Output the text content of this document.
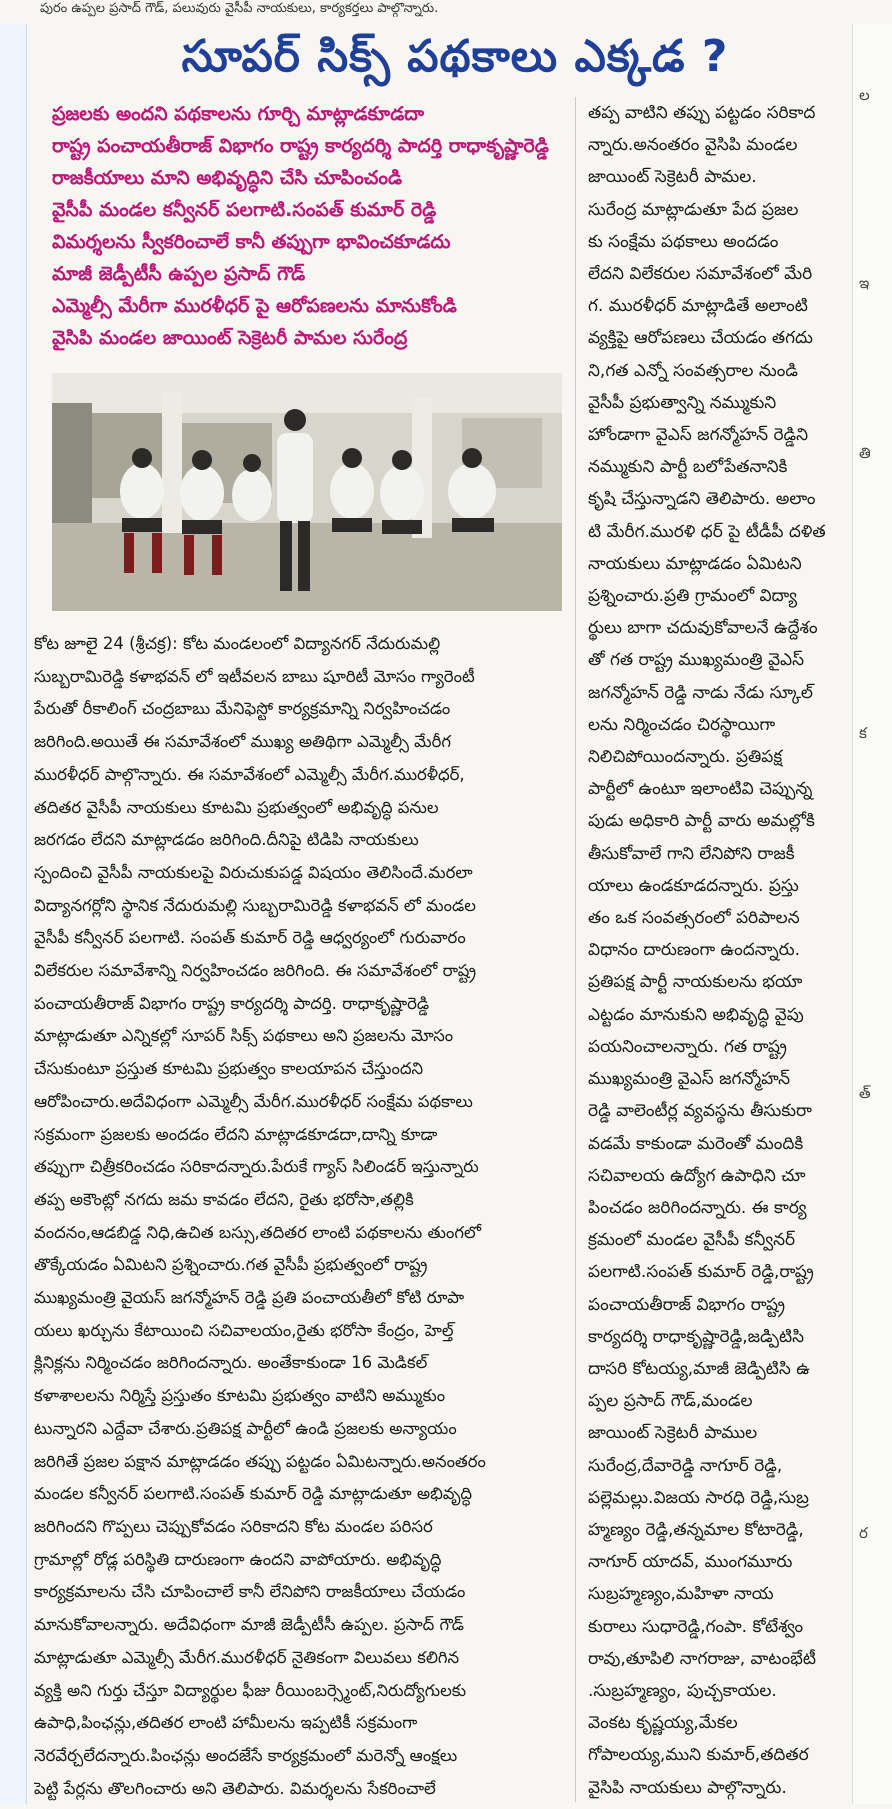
పురం ఉప్పల ప్రసాద్ గౌడ్, పలువురు వైసీపీ నాయకులు, కార్యకర్తలు పాల్గొన్నారు.
ల
ఇ
తి
క
త్
ర
సూపర్ సిక్స్ పథకాలు ఎక్కడ ?
ప్రజలకు అందని పథకాలను గూర్చి మాట్లాడకూడదా
రాష్ట్ర పంచాయతీరాజ్ విభాగం రాష్ట్ర కార్యదర్శి పాదర్తి రాధాకృష్ణారెడ్డి
రాజకీయాలు మాని అభివృద్ధిని చేసి చూపించండి
వైసీపీ మండల కన్వీనర్ పలగాటి.సంపత్ కుమార్ రెడ్డి
విమర్శలను స్వీకరించాలే కానీ తప్పుగా భావించకూడదు
మాజీ జెడ్పీటీసీ ఉప్పల ప్రసాద్ గౌడ్
ఎమ్మెల్సీ మేరీగా మురళీధర్ పై ఆరోపణలను మానుకోండి
వైసిపి మండల జాయింట్ సెక్రెటరీ పామల సురేంద్ర
కోట జూలై 24 (శ్రీచక్ర): కోట మండలంలో విద్యానగర్ నేదురుమల్లి
సుబ్బరామిరెడ్డి కళాభవన్ లో ఇటీవలన బాబు షూరిటీ మోసం గ్యారెంటీ
పేరుతో రీకాలింగ్ చంద్రబాబు మేనిఫెస్టో కార్యక్రమాన్ని నిర్వహించడం
జరిగింది.అయితే ఈ సమావేశంలో ముఖ్య అతిథిగా ఎమ్మెల్సీ మేరీగ
మురళీధర్ పాల్గొన్నారు. ఈ సమావేశంలో ఎమ్మెల్సీ మేరీగ.మురళీధర్,
తదితర వైసీపీ నాయకులు కూటమి ప్రభుత్వంలో అభివృద్ధి పనుల
జరగడం లేదని మాట్లాడడం జరిగింది.దీనిపై టిడిపి నాయకులు
స్పందించి వైసీపీ నాయకులపై విరుచుకుపడ్డ విషయం తెలిసిందే.మరలా
విద్యానగర్లోని స్థానిక నేదురుమల్లి సుబ్బరామిరెడ్డి కళాభవన్ లో మండల
వైసీపీ కన్వీనర్ పలగాటి. సంపత్ కుమార్ రెడ్డి ఆధ్వర్యంలో గురువారం
విలేకరుల సమావేశాన్ని నిర్వహించడం జరిగింది. ఈ సమావేశంలో రాష్ట్ర
పంచాయతీరాజ్ విభాగం రాష్ట్ర కార్యదర్శి పాదర్తి. రాధాకృష్ణారెడ్డి
మాట్లాడుతూ ఎన్నికల్లో సూపర్ సిక్స్ పథకాలు అని ప్రజలను మోసం
చేసుకుంటూ ప్రస్తుత కూటమి ప్రభుత్వం కాలయాపన చేస్తుందని
ఆరోపించారు.అదేవిధంగా ఎమ్మెల్సీ మేరీగ.మురళీధర్ సంక్షేమ పథకాలు
సక్రమంగా ప్రజలకు అందడం లేదని మాట్లాడకూడదా,దాన్ని కూడా
తప్పుగా చిత్రీకరించడం సరికాదన్నారు.పేరుకే గ్యాస్ సిలిండర్ ఇస్తున్నారు
తప్ప అకౌంట్లో నగదు జమ కావడం లేదని, రైతు భరోసా,తల్లికి
వందనం,ఆడబిడ్డ నిధి,ఉచిత బస్సు,తదితర లాంటి పథకాలను తుంగలో
తొక్కేయడం ఏమిటని ప్రశ్నించారు.గత వైసీపీ ప్రభుత్వంలో రాష్ట్ర
ముఖ్యమంత్రి వైయస్ జగన్మోహన్ రెడ్డి ప్రతి పంచాయతీలో కోటి రూపా
యలు ఖర్చును కేటాయించి సచివాలయం,రైతు భరోసా కేంద్రం, హెల్త్
క్లినిక్లను నిర్మించడం జరిగిందన్నారు. అంతేకాకుండా 16 మెడికల్
కళాశాలలను నిర్మిస్తే ప్రస్తుతం కూటమి ప్రభుత్వం వాటిని అమ్ముకుం
టున్నారని ఎద్దేవా చేశారు.ప్రతిపక్ష పార్టీలో ఉండి ప్రజలకు అన్యాయం
జరిగితే ప్రజల పక్షాన మాట్లాడడం తప్పు పట్టడం ఏమిటన్నారు.అనంతరం
మండల కన్వీనర్ పలగాటి.సంపత్ కుమార్ రెడ్డి మాట్లాడుతూ అభివృద్ధి
జరిగిందని గొప్పలు చెప్పుకోవడం సరికాదని కోట మండల పరిసర
గ్రామాల్లో రోడ్ల పరిస్థితి దారుణంగా ఉందని వాపోయారు. అభివృద్ధి
కార్యక్రమాలను చేసి చూపించాలే కానీ లేనిపోని రాజకీయాలు చేయడం
మానుకోవాలన్నారు. అదేవిధంగా మాజీ జెడ్పీటీసీ ఉప్పల. ప్రసాద్ గౌడ్
మాట్లాడుతూ ఎమ్మెల్సీ మేరీగ.మురళీధర్ నైతికంగా విలువలు కలిగిన
వ్యక్తి అని గుర్తు చేస్తూ విద్యార్థుల ఫీజు రీయింబర్స్మెంట్,నిరుద్యోగులకు
ఉపాధి,పింఛన్లు,తదితర లాంటి హామీలను ఇప్పటికీ సక్రమంగా
నెరవేర్చలేదన్నారు.పింఛన్లు అందజేసే కార్యక్రమంలో మరెన్నో ఆంక్షలు
పెట్టి పేర్లను తొలగించారు అని తెలిపారు. విమర్శలను సేకరించాలే
తప్ప వాటిని తప్పు పట్టడం సరికాద
న్నారు.అనంతరం వైసిపి మండల
జాయింట్ సెక్రెటరీ పామల.
సురేంద్ర మాట్లాడుతూ పేద ప్రజల
కు సంక్షేమ పథకాలు అందడం
లేదని విలేకరుల సమావేశంలో మేరి
గ. మురళీధర్ మాట్లాడితే అలాంటి
వ్యక్తిపై ఆరోపణలు చేయడం తగదు
ని,గత ఎన్నో సంవత్సరాల నుండి
వైసీపీ ప్రభుత్వాన్ని నమ్ముకుని
హోండాగా వైఎస్ జగన్మోహన్ రెడ్డిని
నమ్ముకుని పార్టీ బలోపేతనానికి
కృషి చేస్తున్నాడని తెలిపారు. అలాం
టి మేరీగ.మురళి ధర్ పై టీడీపీ దళిత
నాయకులు మాట్లాడడం ఏమిటని
ప్రశ్నించారు.ప్రతి గ్రామంలో విద్యా
ర్థులు బాగా చదువుకోవాలనే ఉద్దేశం
తో గత రాష్ట్ర ముఖ్యమంత్రి వైఎస్
జగన్మోహన్ రెడ్డి నాడు నేడు స్కూల్
లను నిర్మించడం చిరస్థాయిగా
నిలిచిపోయిందన్నారు. ప్రతిపక్ష
పార్టీలో ఉంటూ ఇలాంటివి చెప్పున్న
పుడు అధికారి పార్టీ వారు అమల్లోకి
తీసుకోవాలే గాని లేనిపోని రాజకీ
యాలు ఉండకూడదన్నారు. ప్రస్తు
తం ఒక సంవత్సరంలో పరిపాలన
విధానం దారుణంగా ఉందన్నారు.
ప్రతిపక్ష పార్టీ నాయకులను భయా
ఎట్టడం మానుకుని అభివృద్ధి వైపు
పయనించాలన్నారు. గత రాష్ట్ర
ముఖ్యమంత్రి వైఎస్ జగన్మోహన్
రెడ్డి వాలెంటీర్ల వ్యవస్థను తీసుకురా
వడమే కాకుండా మరెంతో మందికి
సచివాలయ ఉద్యోగ ఉపాధిని చూ
పించడం జరిగిందన్నారు. ఈ కార్య
క్రమంలో మండల వైసీపీ కన్వీనర్
పలగాటి.సంపత్ కుమార్ రెడ్డి,రాష్ట్ర
పంచాయతీరాజ్ విభాగం రాష్ట్ర
కార్యదర్శి రాధాకృష్ణారెడ్డి,జడ్పిటిసి
దాసరి కోటయ్య,మాజీ జెడ్పిటిసి ఉ
ప్పల ప్రసాద్ గౌడ్,మండల
జాయింట్ సెక్రెటరీ పాముల
సురేంద్ర,దేవారెడ్డి నాగూర్ రెడ్డి,
పల్లెమల్లు.విజయ సారధి రెడ్డి,సుబ్ర
హ్మణ్యం రెడ్డి,తన్నమాల కోటారెడ్డి,
నాగూర్ యాదవ్, ముంగమూరు
సుబ్రహ్మణ్యం,మహిళా నాయ
కురాలు సుధారెడ్డి,గంపా. కోటేశ్వం
రావు,తూపిలి నాగరాజు, వాటంభేటీ
.సుబ్రహ్మణ్యం, పుచ్చకాయల.
వెంకట కృష్ణయ్య,మేకల
గోపాలయ్య,ముని కుమార్,తదితర
వైసిపి నాయకులు పాల్గొన్నారు.
